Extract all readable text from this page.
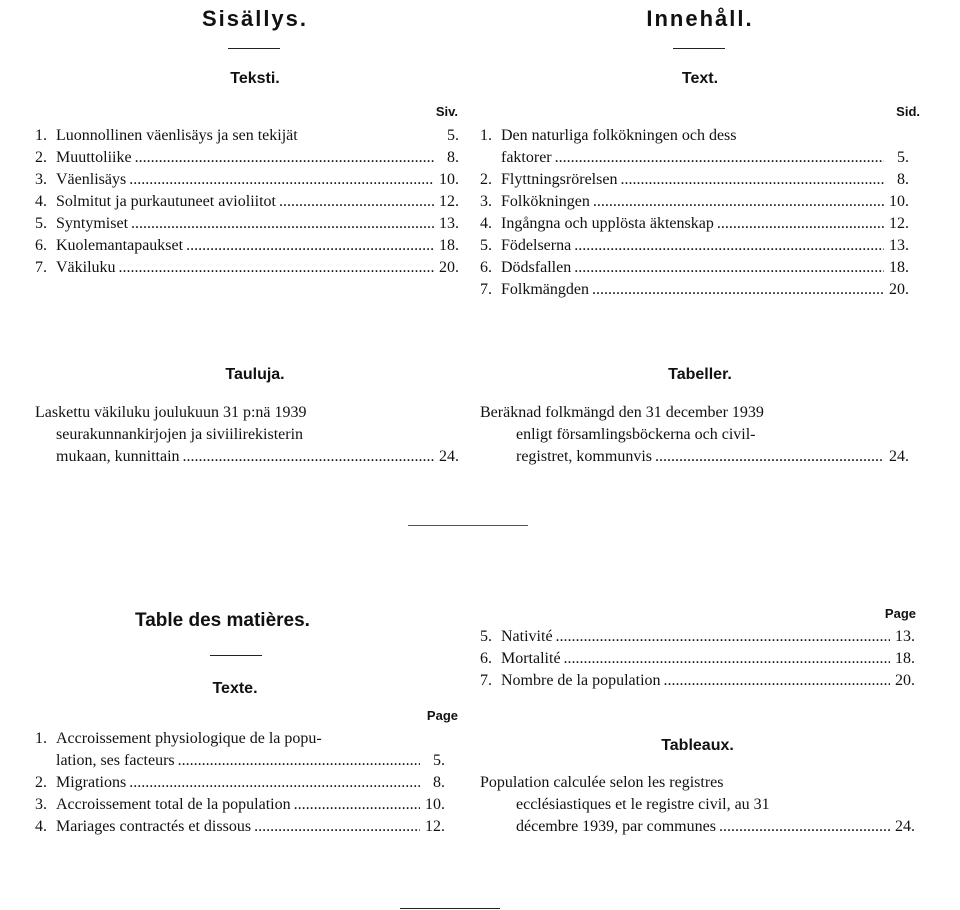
Sisällys.
Teksti.
Siv.
1. Luonnollinen väenlisäys ja sen tekijät	5.
2. Muuttoliike .....	8.
3. Väenlisäys .....	10.
4. Solmitut ja purkautuneet avioliitot .....	12.
5. Syntymiset .....	13.
6. Kuolemantapaukset .....	18.
7. Väkiluku .....	20.
Tauluja.
Laskettu väkiluku joulukuun 31 p:nä 1939
seurakunnankirjojen ja siviilirekisterin
mukaan, kunnittain .....	24.
Innehåll.
Text.
Sid.
1. Den naturliga folkökningen och dess
faktorer .....	5.
2. Flyttningsrörelsen .....	8.
3. Folkökningen .....	10.
4. Ingångna och upplösta äktenskap .....	12.
5. Födelserna .....	13.
6. Dödsfallen .....	18.
7. Folkmängden .....	20.
Tabeller.
Beräknad folkmängd den 31 december 1939
enligt församlingsböckerna och civil-
registret, kommunvis .....	24.
Table des matières.
Texte.
Page
1. Accroissement physiologique de la popu-
lation, ses facteurs .....	5.
2. Migrations .....	8.
3. Accroissement total de la population .....	10.
4. Mariages contractés et dissous .....	12.
Page
5. Nativité .....	13.
6. Mortalité .....	18.
7. Nombre de la population .....	20.
Tableaux.
Population calculée selon les registres
ecclésiastiques et le registre civil, au 31
décembre 1939, par communes .....	24.
